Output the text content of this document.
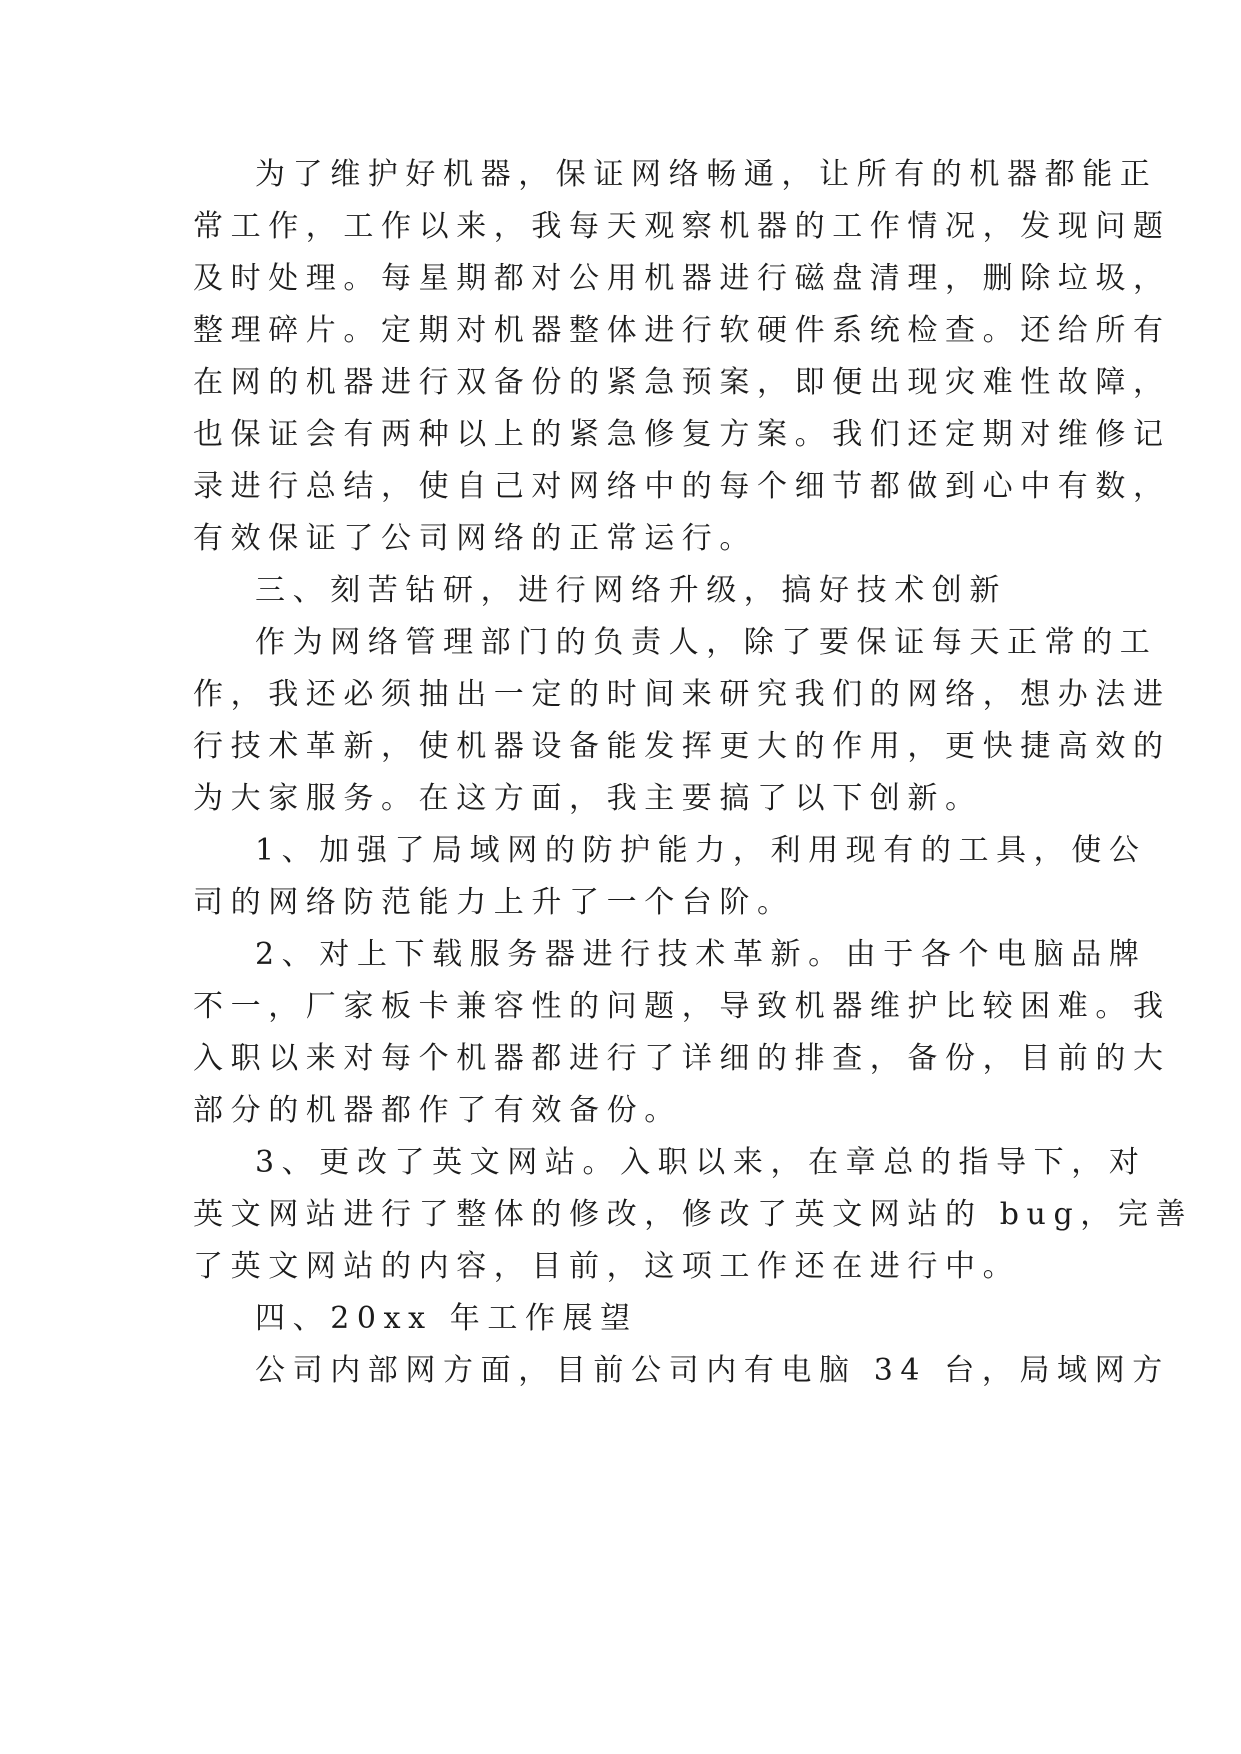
为了维护好机器，保证网络畅通，让所有的机器都能正
常工作，工作以来，我每天观察机器的工作情况，发现问题
及时处理。每星期都对公用机器进行磁盘清理，删除垃圾，
整理碎片。定期对机器整体进行软硬件系统检查。还给所有
在网的机器进行双备份的紧急预案，即便出现灾难性故障，
也保证会有两种以上的紧急修复方案。我们还定期对维修记
录进行总结，使自己对网络中的每个细节都做到心中有数，
有效保证了公司网络的正常运行。
三、刻苦钻研，进行网络升级，搞好技术创新
作为网络管理部门的负责人，除了要保证每天正常的工
作，我还必须抽出一定的时间来研究我们的网络，想办法进
行技术革新，使机器设备能发挥更大的作用，更快捷高效的
为大家服务。在这方面，我主要搞了以下创新。
1、加强了局域网的防护能力，利用现有的工具，使公
司的网络防范能力上升了一个台阶。
2、对上下载服务器进行技术革新。由于各个电脑品牌
不一，厂家板卡兼容性的问题，导致机器维护比较困难。我
入职以来对每个机器都进行了详细的排查，备份，目前的大
部分的机器都作了有效备份。
3、更改了英文网站。入职以来，在章总的指导下，对
英文网站进行了整体的修改，修改了英文网站的 bug，完善
了英文网站的内容，目前，这项工作还在进行中。
四、20xx 年工作展望
公司内部网方面，目前公司内有电脑 34 台，局域网方
